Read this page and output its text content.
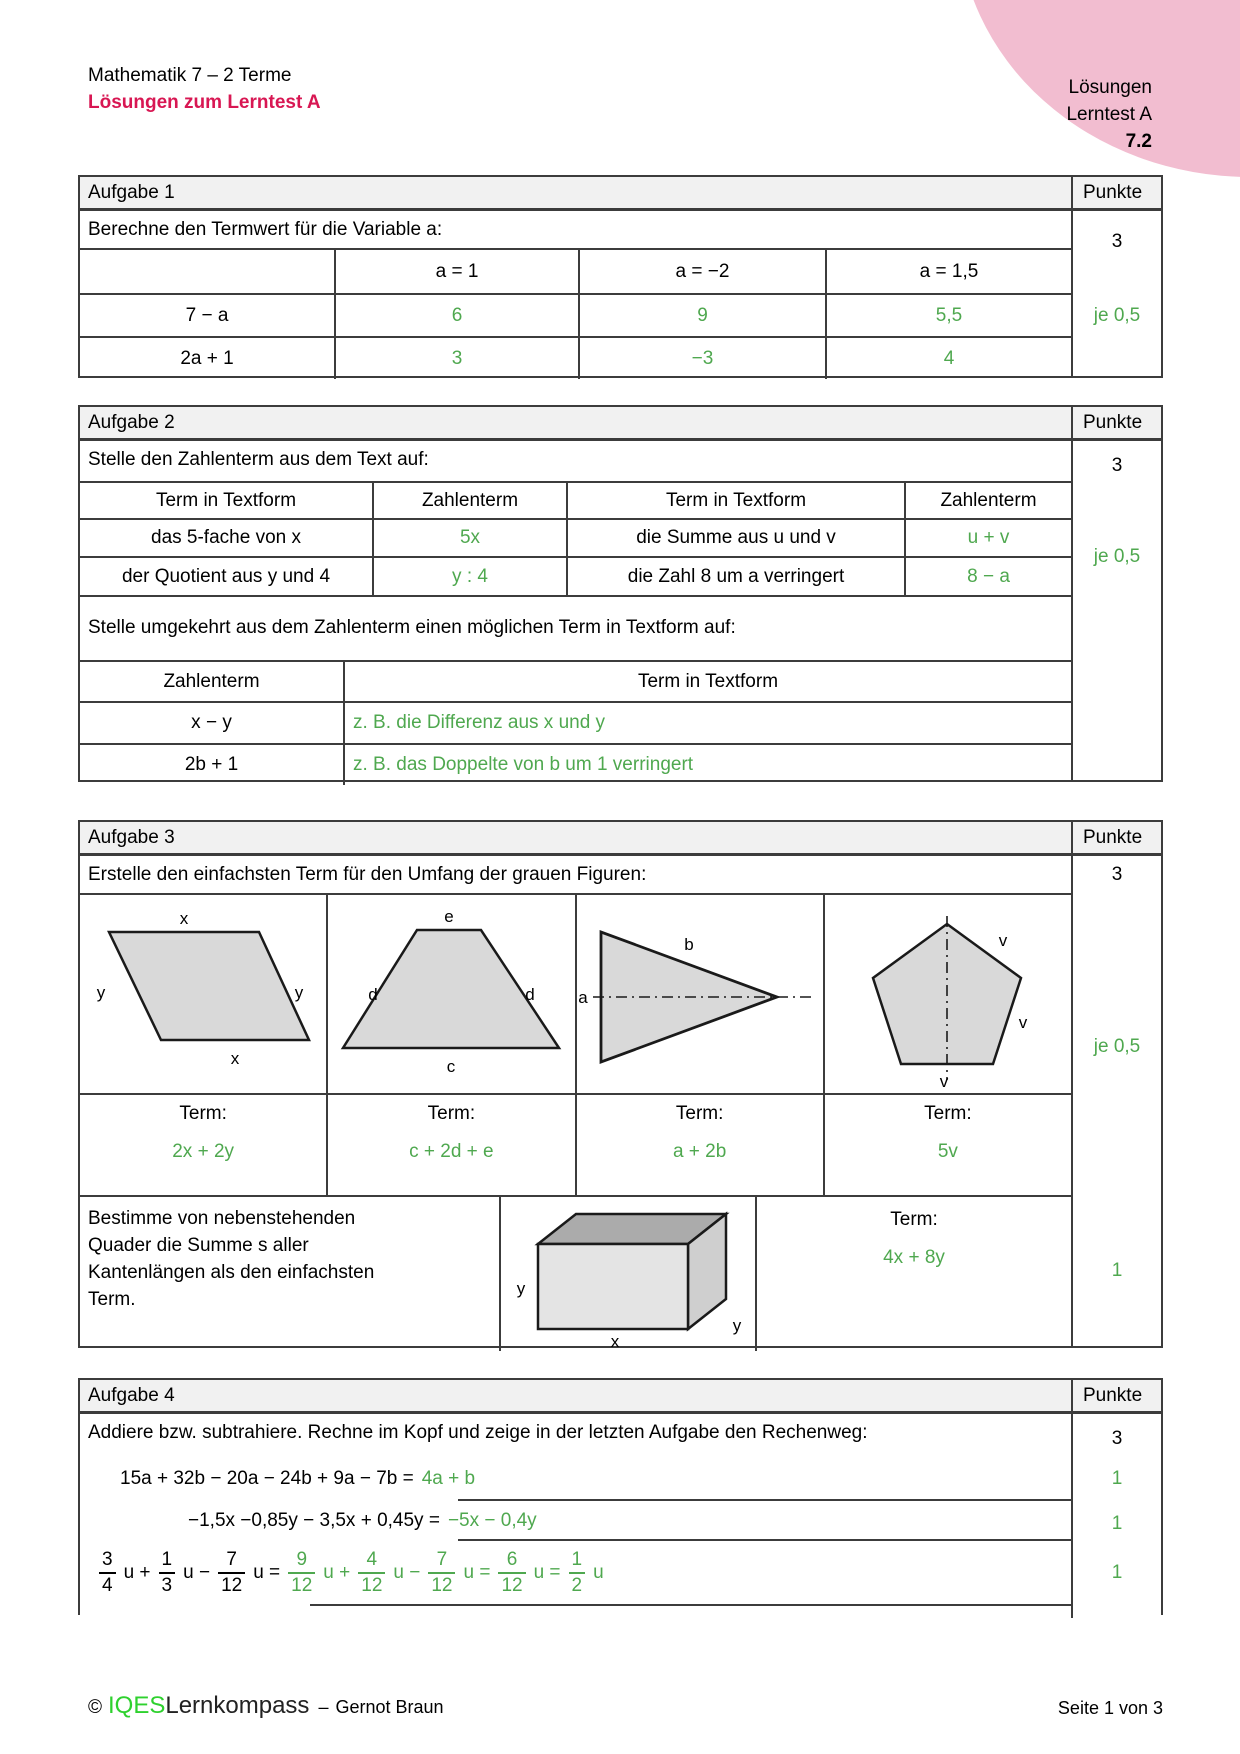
Lösungen
Lerntest A
7.2
Mathematik 7 – 2 Terme
Lösungen zum Lerntest A
Aufgabe 1	Punkte
Berechne den Termwert für die Variable a:
	a = 1	a = −2	a = 1,5
7 − a	6	9	5,5
2a + 1	3	−3	4
3
je 0,5
Aufgabe 2	Punkte
Stelle den Zahlenterm aus dem Text auf:
Term in Textform	Zahlenterm	Term in Textform	Zahlenterm
das 5-fache von x	5x	die Summe aus u und v	u + v
der Quotient aus y und 4	y : 4	die Zahl 8 um a verringert	8 − a
Stelle umgekehrt aus dem Zahlenterm einen möglichen Term in Textform auf:
Zahlenterm	Term in Textform
x − y	z. B. die Differenz aus x und y
2b + 1	z. B. das Doppelte von b um 1 verringert
3
je 0,5
Aufgabe 3	Punkte
Erstelle den einfachsten Term für den Umfang der grauen Figuren:
x
y	y
x
e
d	d
c
a
b	v
v
v
Term:
2x + 2y
Term:
c + 2d + e
Term:
a + 2b
Term:
5v
Bestimme von nebenstehenden
Quader die Summe s aller
Kantenlängen als den einfachsten
Term.
y
y
x
Term:
4x + 8y
3
je 0,5
1
Aufgabe 4	Punkte
Addiere bzw. subtrahiere. Rechne im Kopf und zeige in der letzten Aufgabe den Rechenweg:
15a + 32b − 20a − 24b + 9a − 7b = 4a + b
−1,5x −0,85y − 3,5x + 0,45y = −5x − 0,4y
$\frac{3}{4}$ $u + \frac{1}{3}$ $u - \frac{7}{12}$ $u = \frac{9}{12}$ $u + \frac{4}{12}$ $u - \frac{7}{12}$ $u = \frac{6}{12}$ $u = \frac{1}{2}$ u
3
1
1
1
© IQES Lernkompass – Gernot Braun	Seite 1 von 3
